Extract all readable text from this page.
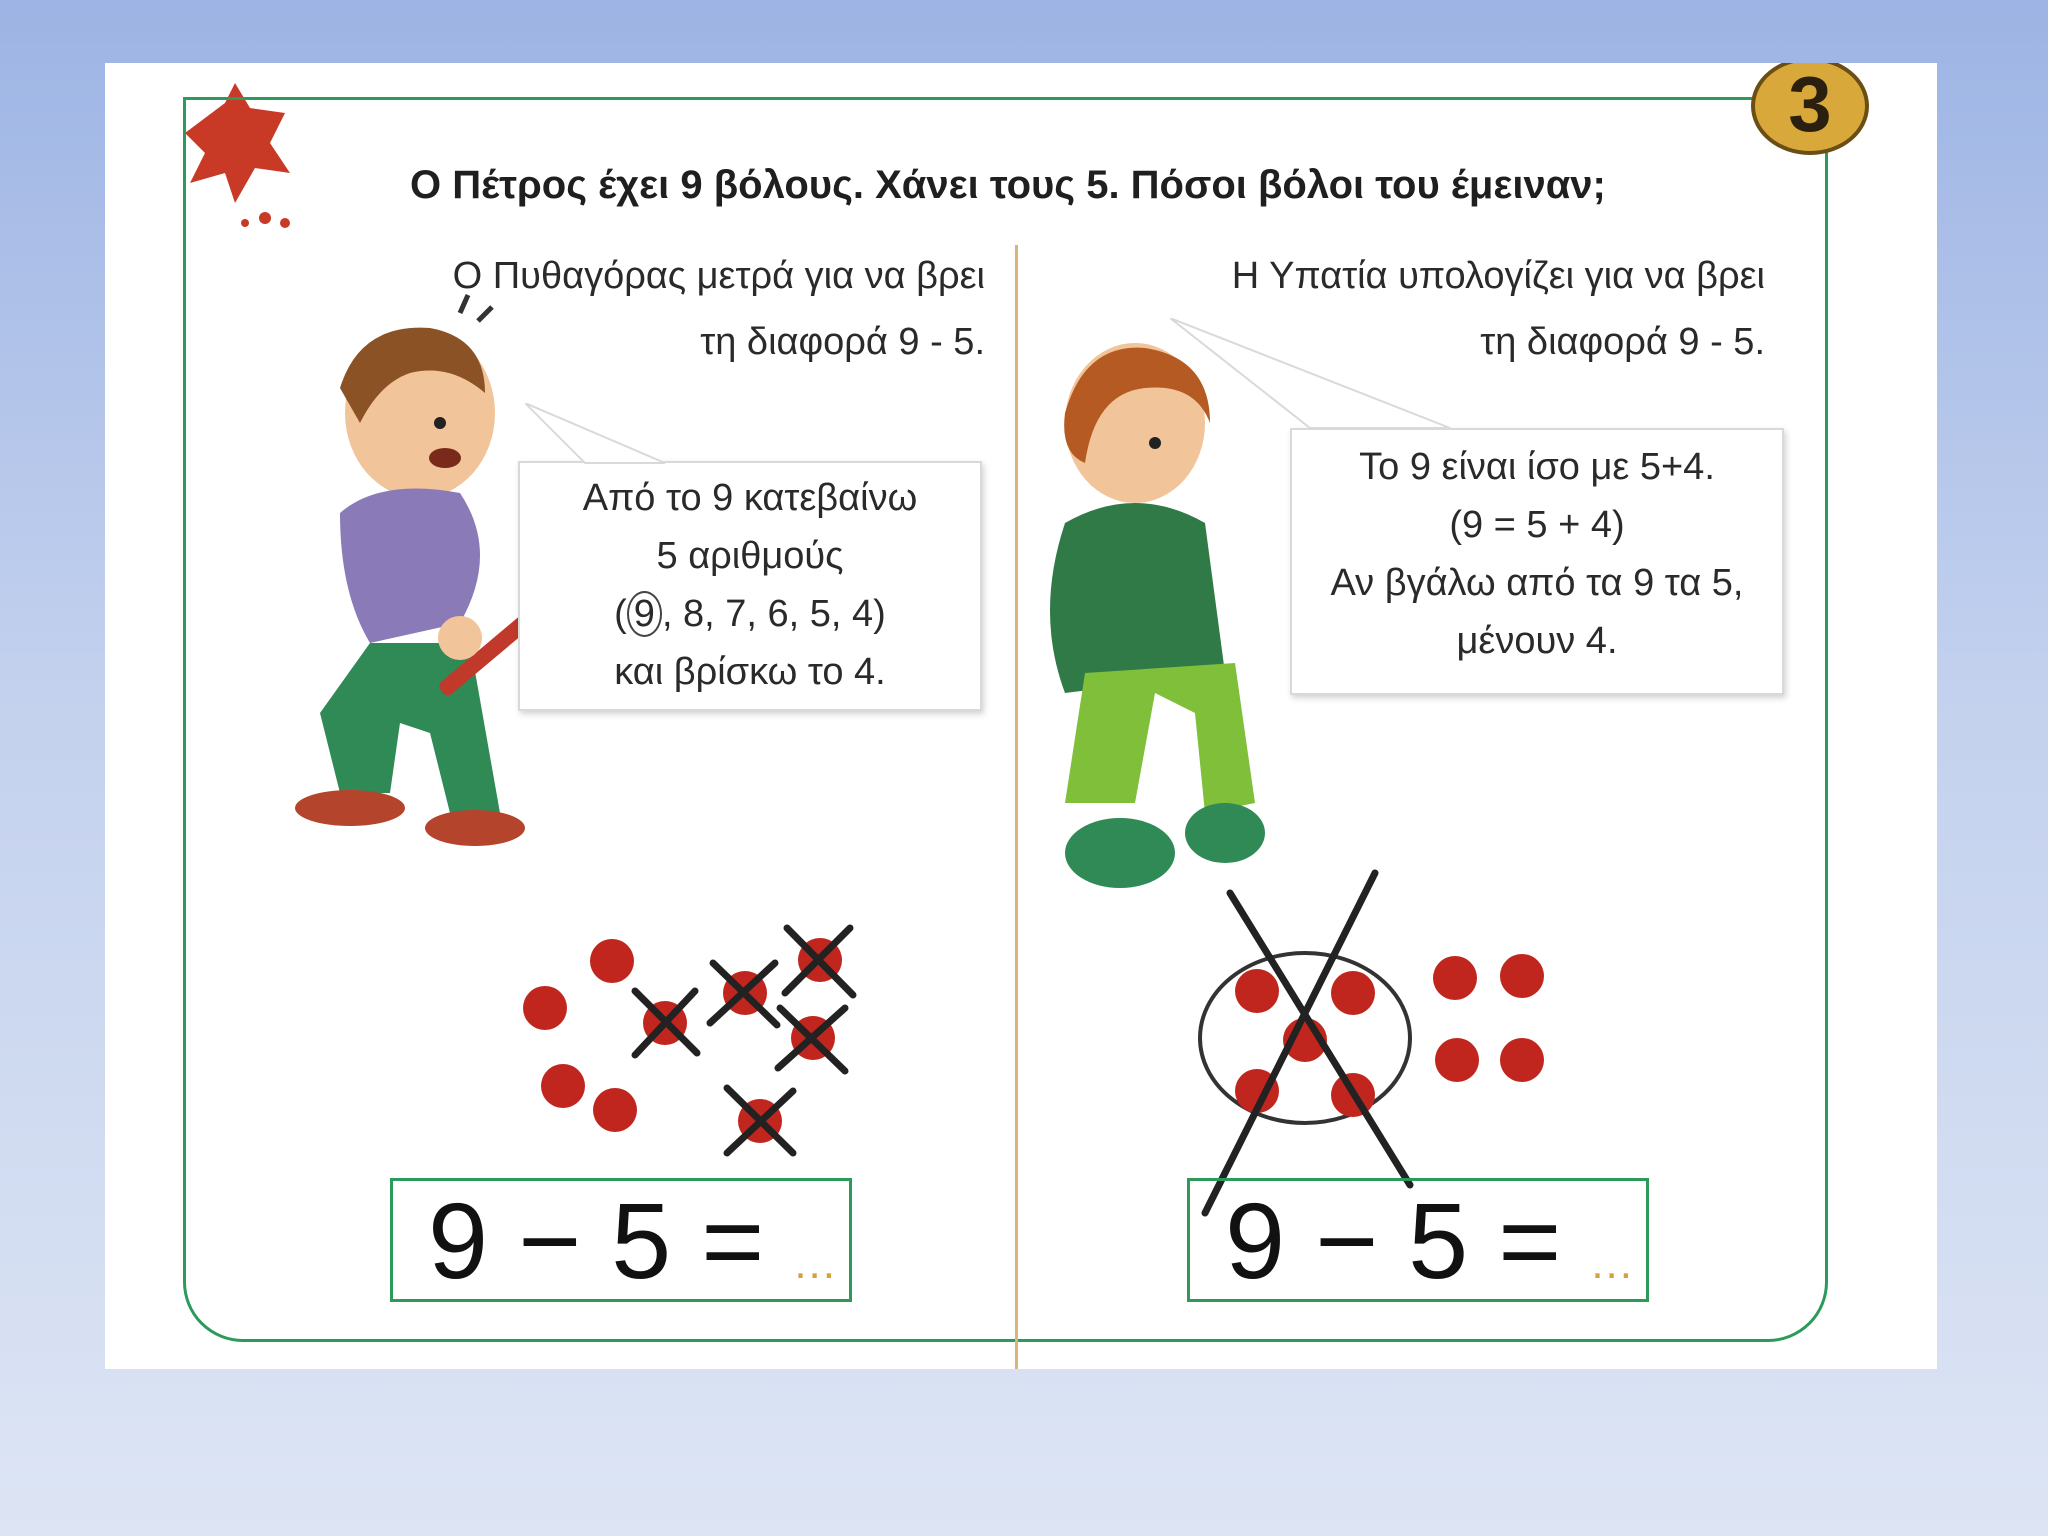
3
Ο Πέτρος έχει 9 βόλους. Χάνει τους 5. Πόσοι βόλοι του έμειναν;
Ο Πυθαγόρας μετρά για να βρει
τη διαφορά 9 - 5.
Από το 9 κατεβαίνω
5 αριθμούς
( 9 , 8, 7, 6, 5, 4)
και βρίσκω το 4.
9 − 5 = ...
Η Υπατία υπολογίζει για να βρει
τη διαφορά 9 - 5.
Το 9 είναι ίσο με 5+4.
(9 = 5 + 4)
Αν βγάλω από τα 9 τα 5,
μένουν 4.
9 − 5 = ...
